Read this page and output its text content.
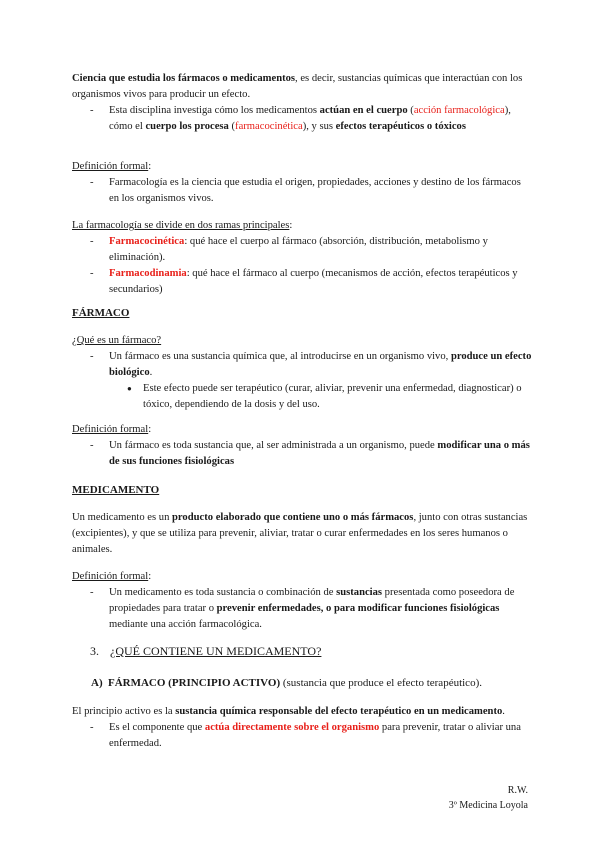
Ciencia que estudia los fármacos o medicamentos, es decir, sustancias químicas que interactúan con los organismos vivos para producir un efecto.

- Esta disciplina investiga cómo los medicamentos actúan en el cuerpo (acción farmacológica), cómo el cuerpo los procesa (farmacocinética), y sus efectos terapéuticos o tóxicos

Definición formal:

- Farmacología es la ciencia que estudia el origen, propiedades, acciones y destino de los fármacos en los organismos vivos.

La farmacología se divide en dos ramas principales:

- Farmacocinética: qué hace el cuerpo al fármaco (absorción, distribución, metabolismo y eliminación).
- Farmacodinamia: qué hace el fármaco al cuerpo (mecanismos de acción, efectos terapéuticos y secundarios)

FÁRMACO

¿Qué es un fármaco?

- Un fármaco es una sustancia química que, al introducirse en un organismo vivo, produce un efecto biológico.
● Este efecto puede ser terapéutico (curar, aliviar, prevenir una enfermedad, diagnosticar) o tóxico, dependiendo de la dosis y del uso.

Definición formal:

- Un fármaco es toda sustancia que, al ser administrada a un organismo, puede modificar una o más de sus funciones fisiológicas

MEDICAMENTO

Un medicamento es un producto elaborado que contiene uno o más fármacos, junto con otras sustancias (excipientes), y que se utiliza para prevenir, aliviar, tratar o curar enfermedades en los seres humanos o animales.

Definición formal:

- Un medicamento es toda sustancia o combinación de sustancias presentada como poseedora de propiedades para tratar o prevenir enfermedades, o para modificar funciones fisiológicas mediante una acción farmacológica.

3. ¿QUÉ CONTIENE UN MEDICAMENTO?

A) FÁRMACO (PRINCIPIO ACTIVO) (sustancia que produce el efecto terapéutico).

El principio activo es la sustancia química responsable del efecto terapéutico en un medicamento.

- Es el componente que actúa directamente sobre el organismo para prevenir, tratar o aliviar una enfermedad.
R.W.
3º Medicina Loyola
